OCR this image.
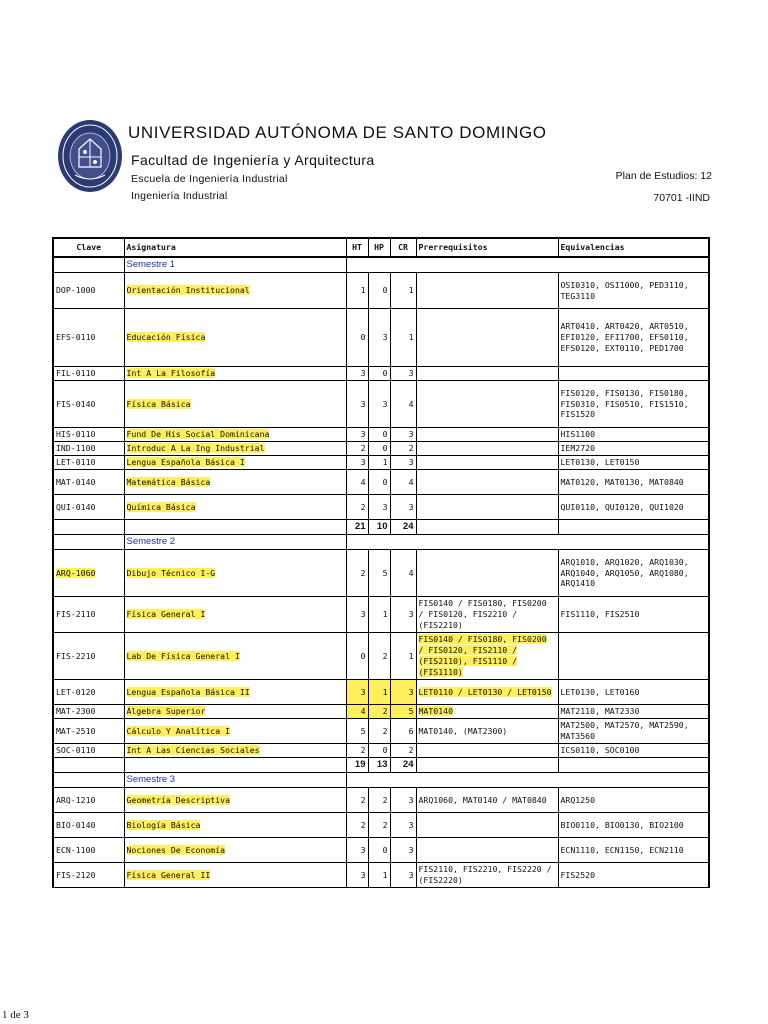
UNIVERSIDAD AUTÓNOMA DE SANTO DOMINGO
Facultad de Ingeniería y Arquitectura
Escuela de Ingeniería Industrial
Ingeniería Industrial
Plan de Estudios: 12
70701 -IIND
Clave	Asignatura	HT	HP	CR	Prerrequisitos	Equivalencias
	Semestre 1					
DOP-1000	Orientación Institucional	1	0	1		OSI0310, OSI1000, PED3110, TEG3110
EFS-0110	Educación Física	0	3	1		ART0410, ART0420, ART0510, EFI0120, EFI1700, EFS0110, EFS0120, EXT0110, PED1700
FIL-0110	Int A La Filosofía	3	0	3		
FIS-0140	Física Básica	3	3	4		FIS0120, FIS0130, FIS0180, FIS0310, FIS0510, FIS1510, FIS1520
HIS-0110	Fund De His Social Dominicana	3	0	3		HIS1100
IND-1100	Introduc A La Ing Industrial	2	0	2		IEM2720
LET-0110	Lengua Española Básica I	3	1	3		LET0130, LET0150
MAT-0140	Matemática Básica	4	0	4		MAT0120, MAT0130, MAT0840
QUI-0140	Química Básica	2	3	3		QUI0110, QUI0120, QUI1020
		21	10	24		
	Semestre 2					
ARQ-1060	Dibujo Técnico I-G	2	5	4		ARQ1010, ARQ1020, ARQ1030, ARQ1040, ARQ1050, ARQ1080, ARQ1410
FIS-2110	Física General I	3	1	3	FIS0140 / FIS0180, FIS0200 / FIS0120, FIS2210 / (FIS2210)	FIS1110, FIS2510
FIS-2210	Lab De Física General I	0	2	1	FIS0140 / FIS0180, FIS0200 / FIS0120, FIS2110 / (FIS2110), FIS1110 / (FIS1110)	
LET-0120	Lengua Española Básica II	3	1	3	LET0110 / LET0130 / LET0150	LET0130, LET0160
MAT-2300	Álgebra Superior	4	2	5	MAT0140	MAT2110, MAT2330
MAT-2510	Cálculo Y Analítica I	5	2	6	MAT0140, (MAT2300)	MAT2500, MAT2570, MAT2590, MAT3560
SOC-0110	Int A Las Ciencias Sociales	2	0	2		ICS0110, SOC0100
		19	13	24		
	Semestre 3					
ARQ-1210	Geometría Descriptiva	2	2	3	ARQ1060, MAT0140 / MAT0840	ARQ1250
BIO-0140	Biología Básica	2	2	3		BIO0110, BIO0130, BIO2100
ECN-1100	Nociones De Economía	3	0	3		ECN1110, ECN1150, ECN2110
FIS-2120	Física General II	3	1	3	FIS2110, FIS2210, FIS2220 / (FIS2220)	FIS2520
1 de 3
